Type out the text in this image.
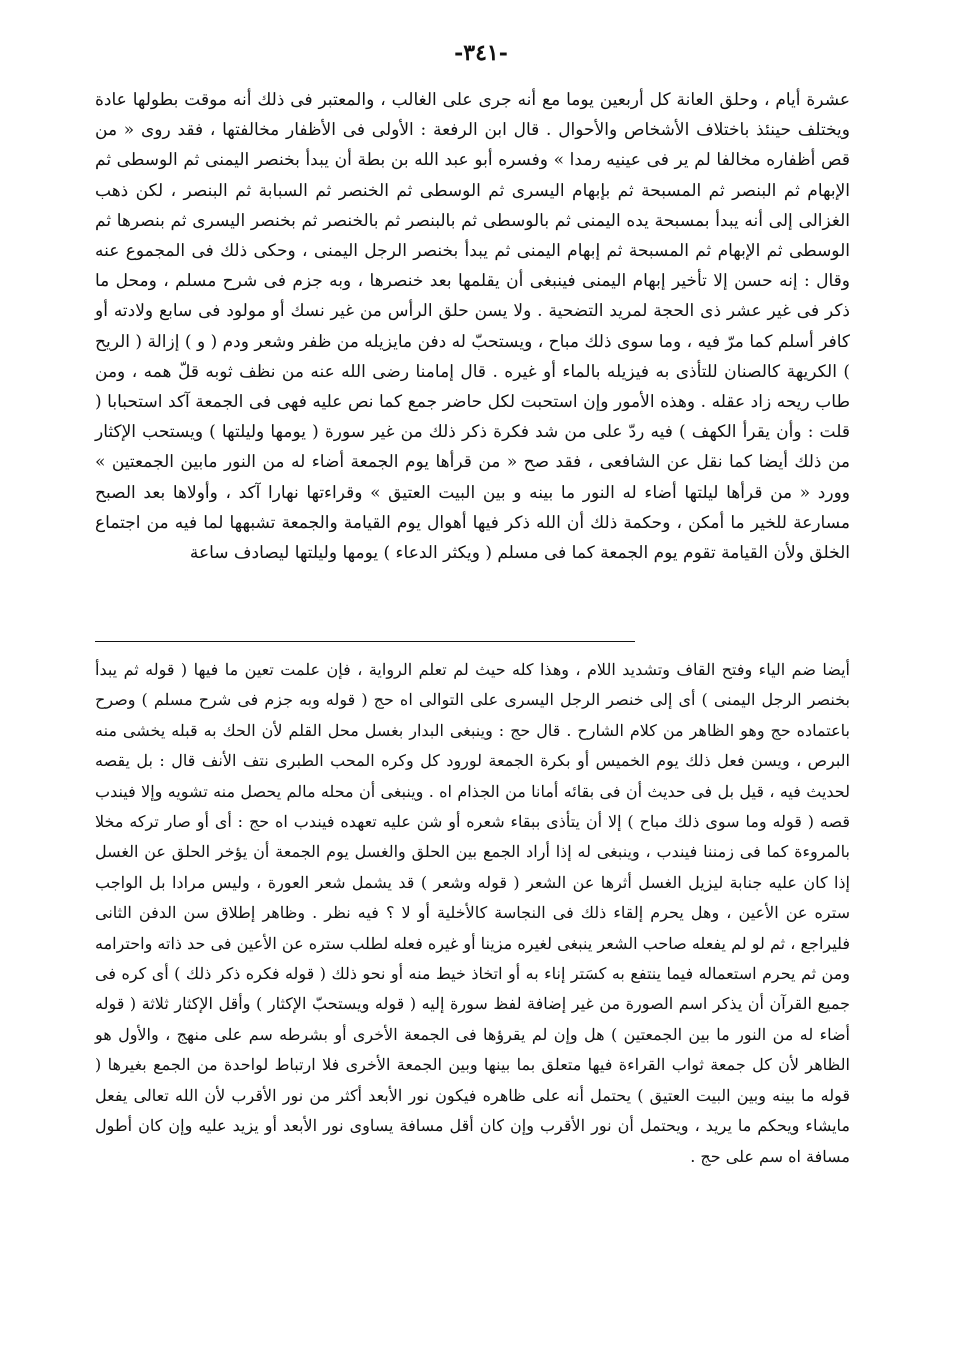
-٣٤١-

عشرة أيام ، وحلق العانة كل أربعين يوما مع أنه جرى على الغالب ، والمعتبر فى ذلك أنه موقت بطولها عادة ويختلف حينئذ باختلاف الأشخاص والأحوال . قال ابن الرفعة : الأولى فى الأظفار مخالفتها ، فقد روى « من قص أظفاره مخالفا لم ير فى عينيه رمدا » وفسره أبو عبد الله بن بطة أن يبدأ بخنصر اليمنى ثم الوسطى ثم الإبهام ثم البنصر ثم المسبحة ثم بإبهام اليسرى ثم الوسطى ثم الخنصر ثم السبابة ثم البنصر ، لكن ذهب الغزالى إلى أنه يبدأ بمسبحة يده اليمنى ثم بالوسطى ثم بالبنصر ثم بالخنصر ثم بخنصر اليسرى ثم بنصرها ثم الوسطى ثم الإبهام ثم المسبحة ثم إبهام اليمنى ثم يبدأ بخنصر الرجل اليمنى ، وحكى ذلك فى المجموع عنه وقال : إنه حسن إلا تأخير إبهام اليمنى فينبغى أن يقلمها بعد خنصرها ، وبه جزم فى شرح مسلم ، ومحل ما ذكر فى غير عشر ذى الحجة لمريد التضحية . ولا يسن حلق الرأس من غير نسك أو مولود فى سابع ولادته أو كافر أسلم كما مرّ فيه ، وما سوى ذلك مباح ، ويستحبّ له دفن مايزيله من ظفر وشعر ودم ( و ) إزالة ( الريح ) الكريهة كالصنان للتأذى به فيزيله بالماء أو غيره . قال إمامنا رضى الله عنه من نظف ثوبه قلّ همه ، ومن طاب ريحه زاد عقله . وهذه الأمور وإن استحبت لكل حاضر جمع كما نص عليه فهى فى الجمعة آكد استحبابا ( قلت : وأن يقرأ الكهف ) فيه ردّ على من شد فكرة ذكر ذلك من غير سورة ( يومها وليلتها ) ويستحب الإكثار من ذلك أيضا كما نقل عن الشافعى ، فقد صح « من قرأها يوم الجمعة أضاء له من النور مابين الجمعتين » وورد « من قرأها ليلتها أضاء له النور ما بينه و بين البيت العتيق » وقراءتها نهارا آكد ، وأولاها بعد الصبح مسارعة للخير ما أمكن ، وحكمة ذلك أن الله ذكر فيها أهوال يوم القيامة والجمعة تشبهها لما فيه من اجتماع الخلق ولأن القيامة تقوم يوم الجمعة كما فى مسلم ( ويكثر الدعاء ) يومها وليلتها ليصادف ساعة

أيضا ضم الياء وفتح القاف وتشديد اللام ، وهذا كله حيث لم تعلم الرواية ، فإن علمت تعين ما فيها ( قوله ثم يبدأ بخنصر الرجل اليمنى ) أى إلى خنصر الرجل اليسرى على التوالى اه حج ( قوله وبه جزم فى شرح مسلم ) وصرح باعتماده حج وهو الظاهر من كلام الشارح . قال حج : وينبغى البدار بغسل محل القلم لأن الحك به قبله يخشى منه البرص ، ويسن فعل ذلك يوم الخميس أو بكرة الجمعة لورود كل وكره المحب الطبرى نتف الأنف قال : بل يقصه لحديث فيه ، قيل بل فى حديث أن فى بقائه أمانا من الجذام اه . وينبغى أن محله مالم يحصل منه تشويه وإلا فيندب قصه ( قوله وما سوى ذلك مباح ) إلا أن يتأذى ببقاء شعره أو شن عليه تعهده فيندب اه حج : أى أو صار تركه مخلا بالمروءة كما فى زمننا فيندب ، وينبغى له إذا أراد الجمع بين الحلق والغسل يوم الجمعة أن يؤخر الحلق عن الغسل إذا كان عليه جنابة ليزيل الغسل أثرها عن الشعر ( قوله وشعر ) قد يشمل شعر العورة ، وليس مرادا بل الواجب ستره عن الأعين ، وهل يحرم إلقاء ذلك فى النجاسة كالأخلية أو لا ؟ فيه نظر . وظاهر إطلاق سن الدفن الثانى فليراجع ، ثم لو لم يفعله صاحب الشعر ينبغى لغيره مزينا أو غيره فعله لطلب ستره عن الأعين فى حد ذاته واحترامه ومن ثم يحرم استعماله فيما ينتفع به كسَتر إناء به أو اتخاذ خيط منه أو نحو ذلك ( قوله فكره ذكر ذلك ) أى كره فى جميع القرآن أن يذكر اسم الصورة من غير إضافة لفظ سورة إليه ( قوله ويستحبّ الإكثار ) وأقل الإكثار ثلاثة ( قوله أضاء له من النور ما بين الجمعتين ) هل وإن لم يقرؤها فى الجمعة الأخرى أو بشرطه سم على منهج ، والأول هو الظاهر لأن كل جمعة ثواب القراءة فيها متعلق بما بينها وبين الجمعة الأخرى فلا ارتباط لواحدة من الجمع بغيرها ( قوله ما بينه وبين البيت العتيق ) يحتمل أنه على ظاهره فيكون نور الأبعد أكثر من نور الأقرب لأن الله تعالى يفعل مايشاء ويحكم ما يريد ، ويحتمل أن نور الأقرب وإن كان أقل مسافة يساوى نور الأبعد أو يزيد عليه وإن كان أطول مسافة اه سم على حج .
